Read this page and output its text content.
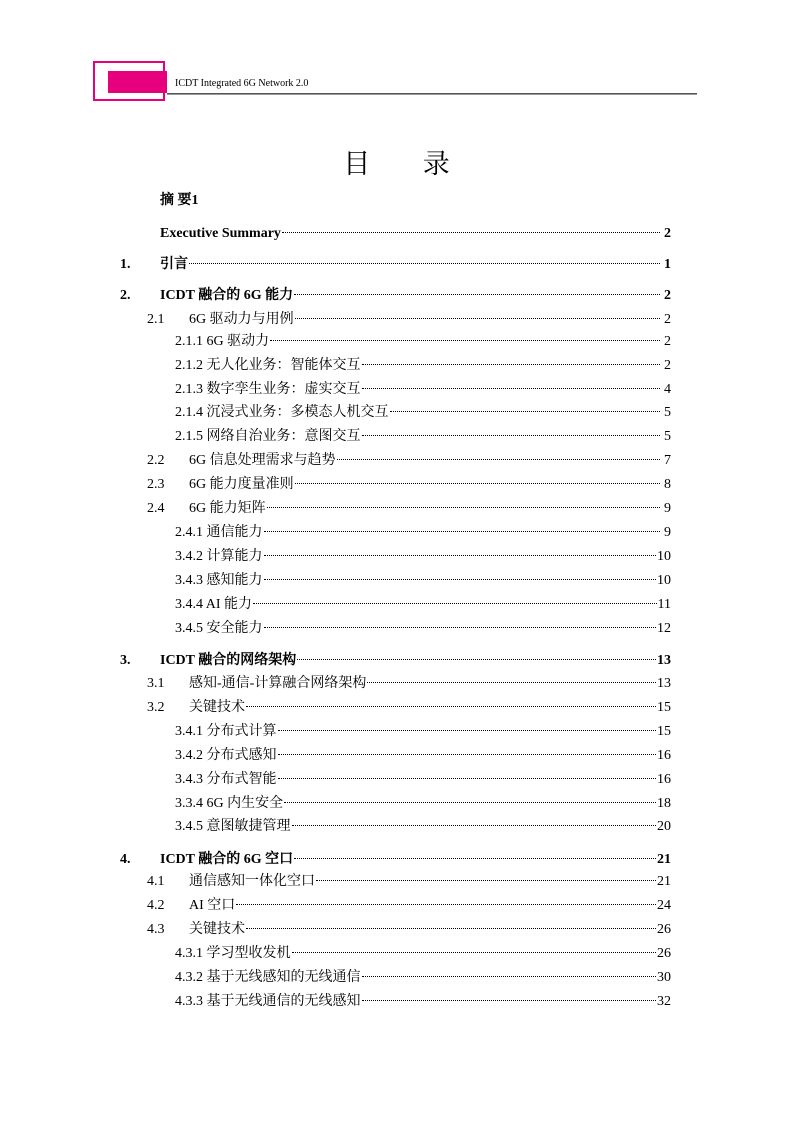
ICDT Integrated 6G Network 2.0
目 录
摘 要1
Executive Summary	2
1.	引言	1
2.	ICDT 融合的 6G 能力	2
2.1	6G 驱动力与用例	2
2.1.1 6G 驱动力	2
2.1.2 无人化业务：智能体交互	2
2.1.3 数字孪生业务：虚实交互	4
2.1.4 沉浸式业务：多模态人机交互	5
2.1.5 网络自治业务：意图交互	5
2.2	6G 信息处理需求与趋势	7
2.3	6G 能力度量准则	8
2.4	6G 能力矩阵	9
2.4.1 通信能力	9
3.4.2 计算能力	10
3.4.3 感知能力	10
3.4.4 AI 能力	11
3.4.5 安全能力	12
3.	ICDT 融合的网络架构	13
3.1	感知-通信-计算融合网络架构	13
3.2	关键技术	15
3.4.1 分布式计算	15
3.4.2 分布式感知	16
3.4.3 分布式智能	16
3.3.4 6G 内生安全	18
3.4.5 意图敏捷管理	20
4.	ICDT 融合的 6G 空口	21
4.1	通信感知一体化空口	21
4.2	AI 空口	24
4.3	关键技术	26
4.3.1 学习型收发机	26
4.3.2 基于无线感知的无线通信	30
4.3.3 基于无线通信的无线感知	32
